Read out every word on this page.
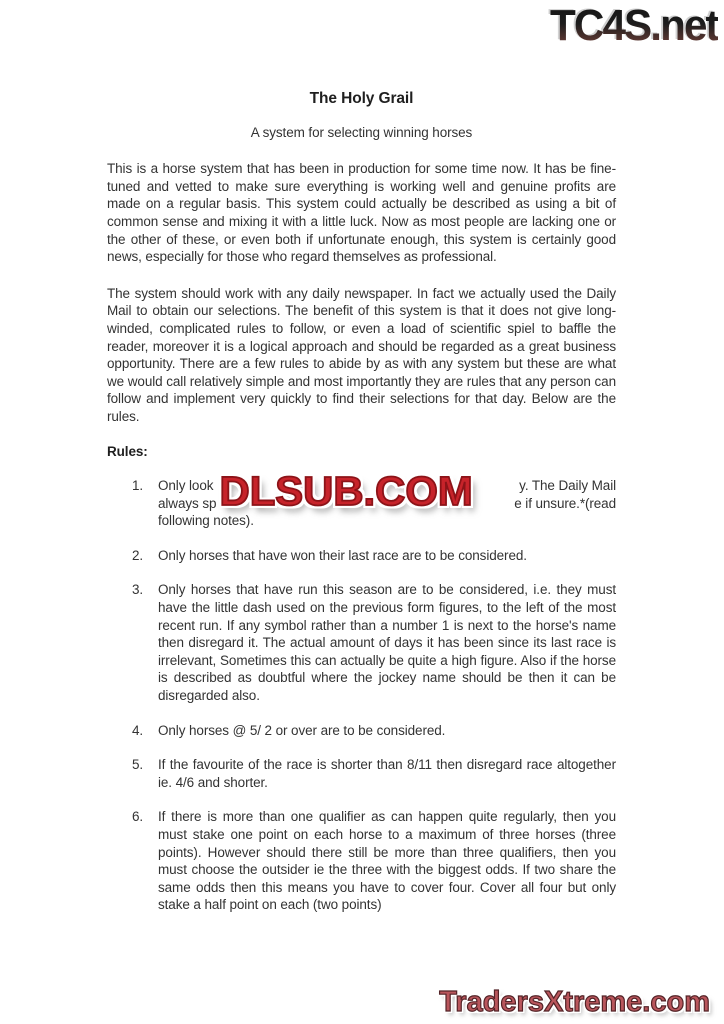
TC4S.net
The Holy Grail
A system for selecting winning horses
This is a horse system that has been in production for some time now. It has be fine-tuned and vetted to make sure everything is working well and genuine profits are made on a regular basis. This system could actually be described as using a bit of common sense and mixing it with a little luck. Now as most people are lacking one or the other of these, or even both if unfortunate enough, this system is certainly good news, especially for those who regard themselves as professional.
The system should work with any daily newspaper. In fact we actually used the Daily Mail to obtain our selections. The benefit of this system is that it does not give long-winded, complicated rules to follow, or even a load of scientific spiel to baffle the reader, moreover it is a logical approach and should be regarded as a great business opportunity. There are a few rules to abide by as with any system but these are what we would call relatively simple and most importantly they are rules that any person can follow and implement very quickly to find their selections for that day. Below are the rules.
Rules:
1.	Only look	y. The Daily Mail
always sp	e if unsure.*(read
following notes).
DLSUB.COM
2.	Only horses that have won their last race are to be considered.
3.	Only horses that have run this season are to be considered, i.e. they must have the little dash used on the previous form figures, to the left of the most recent run. If any symbol rather than a number 1 is next to the horse's name then disregard it. The actual amount of days it has been since its last race is irrelevant, Sometimes this can actually be quite a high figure. Also if the horse is described as doubtful where the jockey name should be then it can be disregarded also.
4.	Only horses @ 5/ 2 or over are to be considered.
5.	If the favourite of the race is shorter than 8/11 then disregard race altogether ie. 4/6 and shorter.
6.	If there is more than one qualifier as can happen quite regularly, then you must stake one point on each horse to a maximum of three horses (three points). However should there still be more than three qualifiers, then you must choose the outsider ie the three with the biggest odds. If two share the same odds then this means you have to cover four. Cover all four but only stake a half point on each (two points)
TradersXtreme.com
